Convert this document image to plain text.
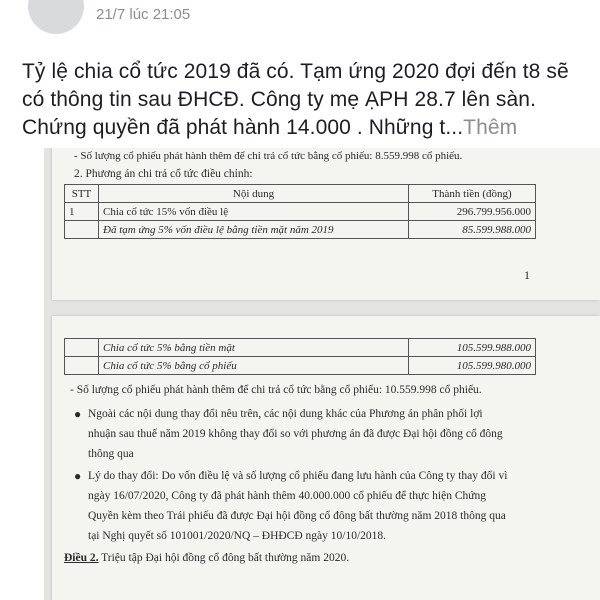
21/7 lúc 21:05
Tỷ lệ chia cổ tức 2019 đã có. Tạm ứng 2020 đợi đến t8 sẽ
có thông tin sau ĐHCĐ. Công ty mẹ ẠPH 28.7 lên sàn.
Chứng quyền đã phát hành 14.000 . Những t...Thêm
- Số lượng cổ phiếu phát hành thêm để chi trả cổ tức bằng cổ phiếu: 8.559.998 cổ phiếu.
2. Phương án chi trả cổ tức điều chỉnh:
STT	Nội dung	Thành tiền (đồng)
1	Chia cổ tức 15% vốn điều lệ	296.799.956.000
	Đã tạm ứng 5% vốn điều lệ bằng tiền mặt năm 2019	85.599.988.000
1
	Chia cổ tức 5% bằng tiền mặt	105.599.988.000
	Chia cổ tức 5% bằng cổ phiếu	105.599.980.000
- Số lượng cổ phiếu phát hành thêm để chi trả cổ tức bằng cổ phiếu: 10.559.998 cổ phiếu.
● Ngoài các nội dung thay đổi nêu trên, các nội dung khác của Phương án phân phối lợi
nhuận sau thuế năm 2019 không thay đổi so với phương án đã được Đại hội đồng cổ đông
thông qua
● Lý do thay đổi: Do vốn điều lệ và số lượng cổ phiếu đang lưu hành của Công ty thay đổi vì
ngày 16/07/2020, Công ty đã phát hành thêm 40.000.000 cổ phiếu để thực hiện Chứng
Quyền kèm theo Trái phiếu đã được Đại hội đồng cổ đông bất thường năm 2018 thông qua
tại Nghị quyết số 101001/2020/NQ – ĐHĐCĐ ngày 10/10/2018.
Điều 2. Triệu tập Đại hội đồng cổ đông bất thường năm 2020.
